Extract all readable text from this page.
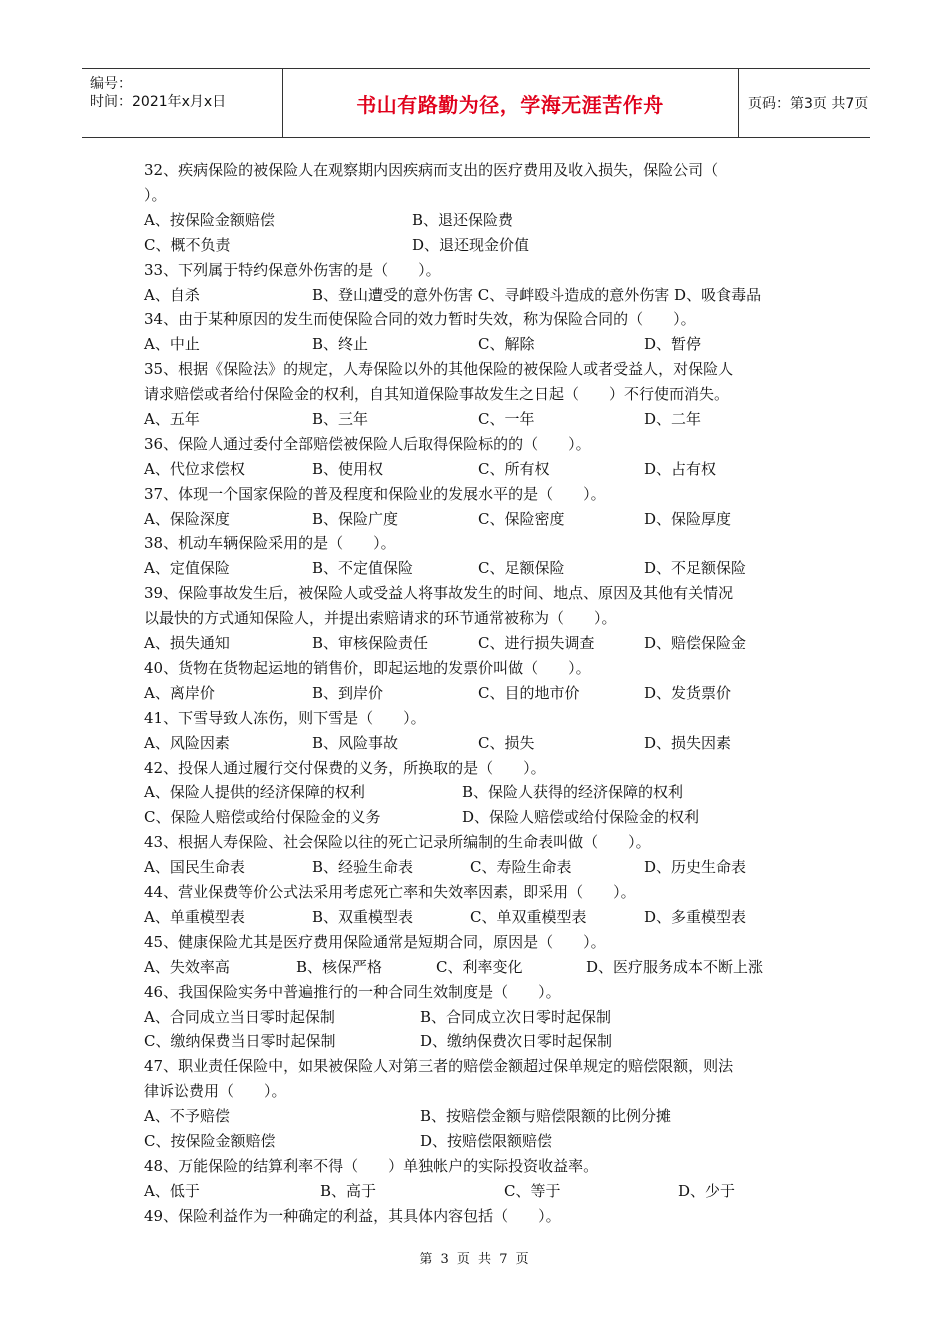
编号：
时间：2021年x月x日	书山有路勤为径，学海无涯苦作舟	页码：第3页 共7页
32、疾病保险的被保险人在观察期内因疾病而支出的医疗费用及收入损失，保险公司（
）。
A、按保险金额赔偿	B、退还保险费
C、概不负责	D、退还现金价值
33、下列属于特约保意外伤害的是（　　）。
A、自杀	B、登山遭受的意外伤害 C、寻衅殴斗造成的意外伤害 D、吸食毒品
34、由于某种原因的发生而使保险合同的效力暂时失效，称为保险合同的（　　）。
A、中止	B、终止	C、解除	D、暂停
35、根据《保险法》的规定，人寿保险以外的其他保险的被保险人或者受益人，对保险人
请求赔偿或者给付保险金的权利，自其知道保险事故发生之日起（　　）不行使而消失。
A、五年	B、三年	C、一年	D、二年
36、保险人通过委付全部赔偿被保险人后取得保险标的的（　　）。
A、代位求偿权	B、使用权	C、所有权	D、占有权
37、体现一个国家保险的普及程度和保险业的发展水平的是（　　）。
A、保险深度	B、保险广度	C、保险密度	D、保险厚度
38、机动车辆保险采用的是（　　）。
A、定值保险	B、不定值保险	C、足额保险	D、不足额保险
39、保险事故发生后，被保险人或受益人将事故发生的时间、地点、原因及其他有关情况
以最快的方式通知保险人，并提出索赔请求的环节通常被称为（　　）。
A、损失通知	B、审核保险责任	C、进行损失调查	D、赔偿保险金
40、货物在货物起运地的销售价，即起运地的发票价叫做（　　）。
A、离岸价	B、到岸价	C、目的地市价	D、发货票价
41、下雪导致人冻伤，则下雪是（　　）。
A、风险因素	B、风险事故	C、损失	D、损失因素
42、投保人通过履行交付保费的义务，所换取的是（　　）。
A、保险人提供的经济保障的权利	B、保险人获得的经济保障的权利
C、保险人赔偿或给付保险金的义务	D、保险人赔偿或给付保险金的权利
43、根据人寿保险、社会保险以往的死亡记录所编制的生命表叫做（　　）。
A、国民生命表	B、经验生命表	C、寿险生命表	D、历史生命表
44、营业保费等价公式法采用考虑死亡率和失效率因素，即采用（　　）。
A、单重模型表	B、双重模型表	C、单双重模型表	D、多重模型表
45、健康保险尤其是医疗费用保险通常是短期合同，原因是（　　）。
A、失效率高	B、核保严格	C、利率变化	D、医疗服务成本不断上涨
46、我国保险实务中普遍推行的一种合同生效制度是（　　）。
A、合同成立当日零时起保制	B、合同成立次日零时起保制
C、缴纳保费当日零时起保制	D、缴纳保费次日零时起保制
47、职业责任保险中，如果被保险人对第三者的赔偿金额超过保单规定的赔偿限额，则法
律诉讼费用（　　）。
A、不予赔偿	B、按赔偿金额与赔偿限额的比例分摊
C、按保险金额赔偿	D、按赔偿限额赔偿
48、万能保险的结算利率不得（　　）单独帐户的实际投资收益率。
A、低于	B、高于	C、等于	D、少于
49、保险利益作为一种确定的利益，其具体内容包括（　　）。
第 3 页 共 7 页
